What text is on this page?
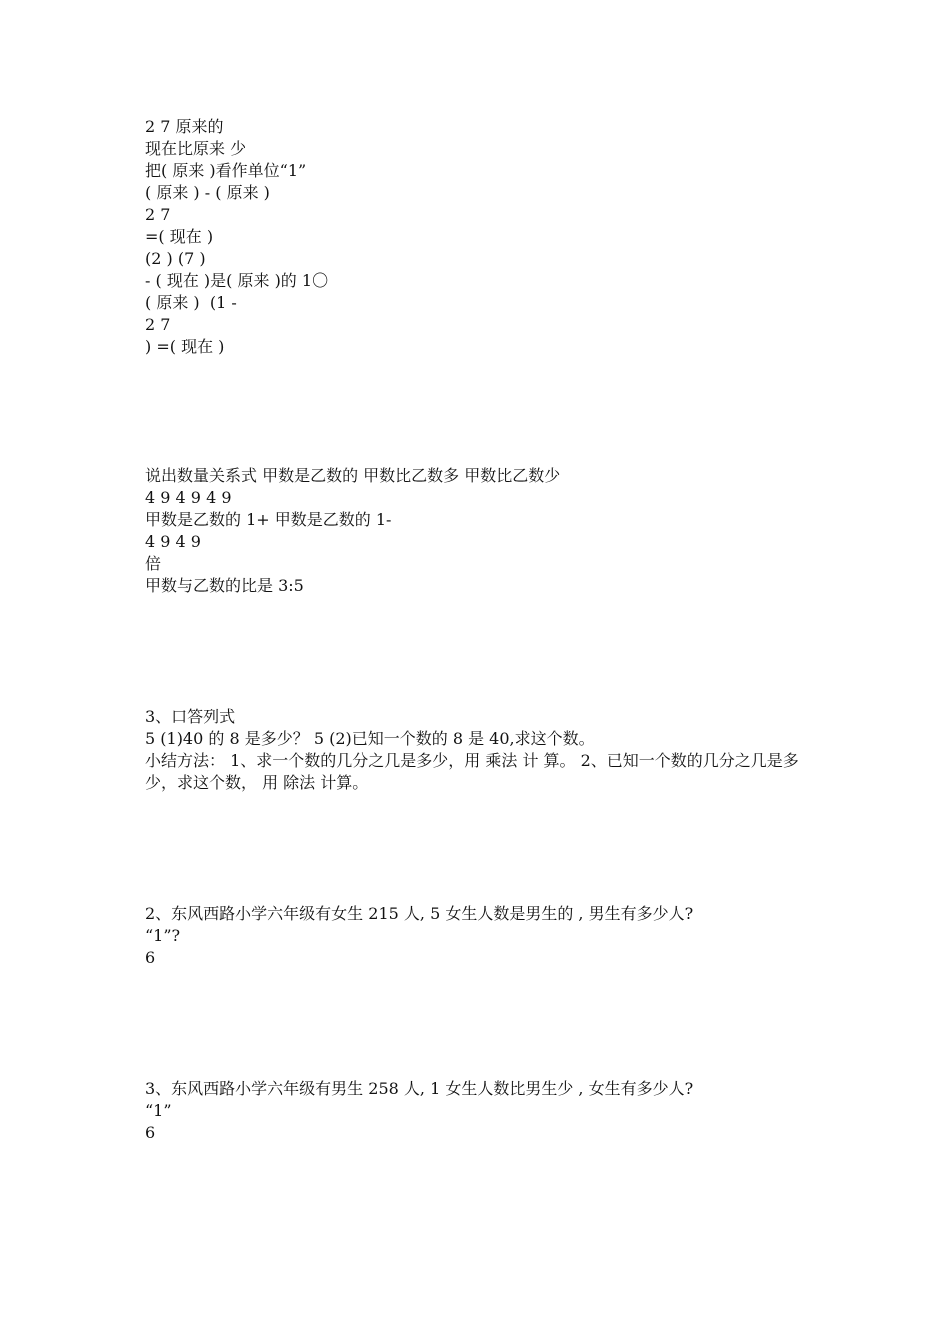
2 7 原来的
现在比原来 少
把( 原来 )看作单位“1”
( 原来 ) - ( 原来 )
2 7
=( 现在 )
(2 ) (7 )
- ( 现在 )是( 原来 )的 1〇
( 原来 )  (1 -
2 7
) =( 现在 )
说出数量关系式 甲数是乙数的 甲数比乙数多 甲数比乙数少
4 9 4 9 4 9
甲数是乙数的 1+ 甲数是乙数的 1-
4 9 4 9
倍
甲数与乙数的比是 3:5
3、口答列式
5 (1)40 的 8 是多少？ 5 (2)已知一个数的 8 是 40,求这个数。
小结方法： 1、求一个数的几分之几是多少，用 乘法 计 算。 2、已知一个数的几分之几是多少，求这个数， 用 除法 计算。
2、东风西路小学六年级有女生 215 人, 5 女生人数是男生的 , 男生有多少人?
“1”?
6
3、东风西路小学六年级有男生 258 人, 1 女生人数比男生少 , 女生有多少人?
“1”
6
